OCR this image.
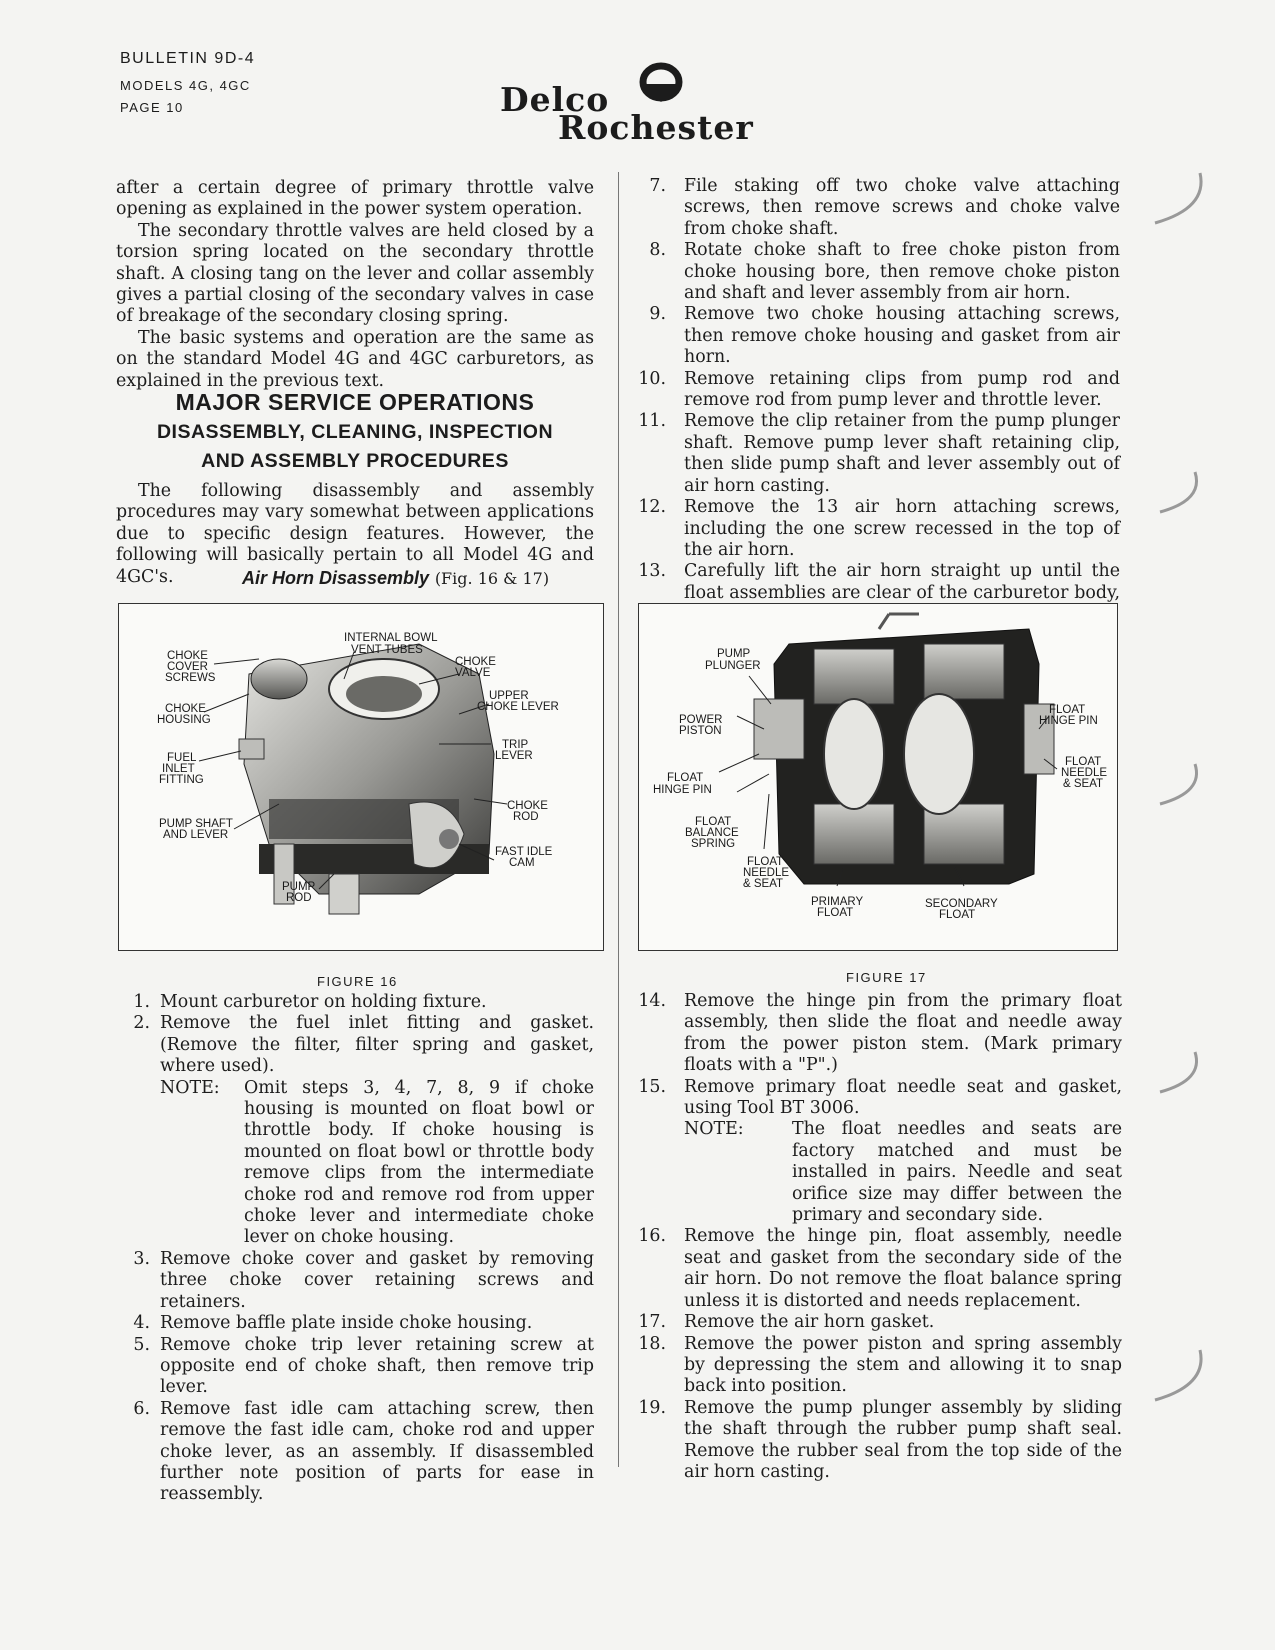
BULLETIN 9D-4
MODELS 4G, 4GC
PAGE 10	Delco
Rochester

after a certain degree of primary throttle valve opening as explained in the power system operation.

The secondary throttle valves are held closed by a torsion spring located on the secondary throttle shaft. A closing tang on the lever and collar assembly gives a partial closing of the secondary valves in case of breakage of the secondary closing spring.

The basic systems and operation are the same as on the standard Model 4G and 4GC carburetors, as explained in the previous text.

MAJOR SERVICE OPERATIONS
DISASSEMBLY, CLEANING, INSPECTION
AND ASSEMBLY PROCEDURES

The following disassembly and assembly procedures may vary somewhat between applications due to specific design features. However, the following will basically pertain to all Model 4G and 4GC's.	Air Horn Disassembly (Fig. 16 & 17)
INTERNAL BOWL
VENT TUBES
CHOKE
COVER
SCREWS
CHOKE
VALVE
UPPER
CHOKE LEVER
CHOKE
HOUSING
TRIP
LEVER
FUEL
INLET
FITTING
CHOKE
ROD
PUMP SHAFT
AND LEVER
FAST IDLE
CAM
PUMP
ROD
FIGURE 16
1. Mount carburetor on holding fixture.
2. Remove the fuel inlet fitting and gasket. (Remove the filter, filter spring and gasket, where used).
NOTE: Omit steps 3, 4, 7, 8, 9 if choke housing is mounted on float bowl or throttle body. If choke housing is mounted on float bowl or throttle body remove clips from the intermediate choke rod and remove rod from upper choke lever and intermediate choke lever on choke housing.
3. Remove choke cover and gasket by removing three choke cover retaining screws and retainers.
4. Remove baffle plate inside choke housing.
5. Remove choke trip lever retaining screw at opposite end of choke shaft, then remove trip lever.
6. Remove fast idle cam attaching screw, then remove the fast idle cam, choke rod and upper choke lever, as an assembly. If disassembled further note position of parts for ease in reassembly.
7. File staking off two choke valve attaching screws, then remove screws and choke valve from choke shaft.
8. Rotate choke shaft to free choke piston from choke housing bore, then remove choke piston and shaft and lever assembly from air horn.
9. Remove two choke housing attaching screws, then remove choke housing and gasket from air horn.
10. Remove retaining clips from pump rod and remove rod from pump lever and throttle lever.
11. Remove the clip retainer from the pump plunger shaft. Remove pump lever shaft retaining clip, then slide pump shaft and lever assembly out of air horn casting.
12. Remove the 13 air horn attaching screws, including the one screw recessed in the top of the air horn.
13. Carefully lift the air horn straight up until the float assemblies are clear of the carburetor body,
PUMP
PLUNGER
FLOAT
HINGE PIN
POWER
PISTON
FLOAT
NEEDLE
& SEAT
FLOAT
HINGE PIN
FLOAT
BALANCE
SPRING
FLOAT
NEEDLE
& SEAT
PRIMARY
FLOAT
SECONDARY
FLOAT
FIGURE 17
14. Remove the hinge pin from the primary float assembly, then slide the float and needle away from the power piston stem. (Mark primary floats with a "P".)
15. Remove primary float needle seat and gasket, using Tool BT 3006.
NOTE:	The float needles and seats are factory matched and must be installed in pairs. Needle and seat orifice size may differ between the primary and secondary side.
16. Remove the hinge pin, float assembly, needle seat and gasket from the secondary side of the air horn. Do not remove the float balance spring unless it is distorted and needs replacement.
17. Remove the air horn gasket.
18. Remove the power piston and spring assembly by depressing the stem and allowing it to snap back into position.
19. Remove the pump plunger assembly by sliding the shaft through the rubber pump shaft seal. Remove the rubber seal from the top side of the air horn casting.
